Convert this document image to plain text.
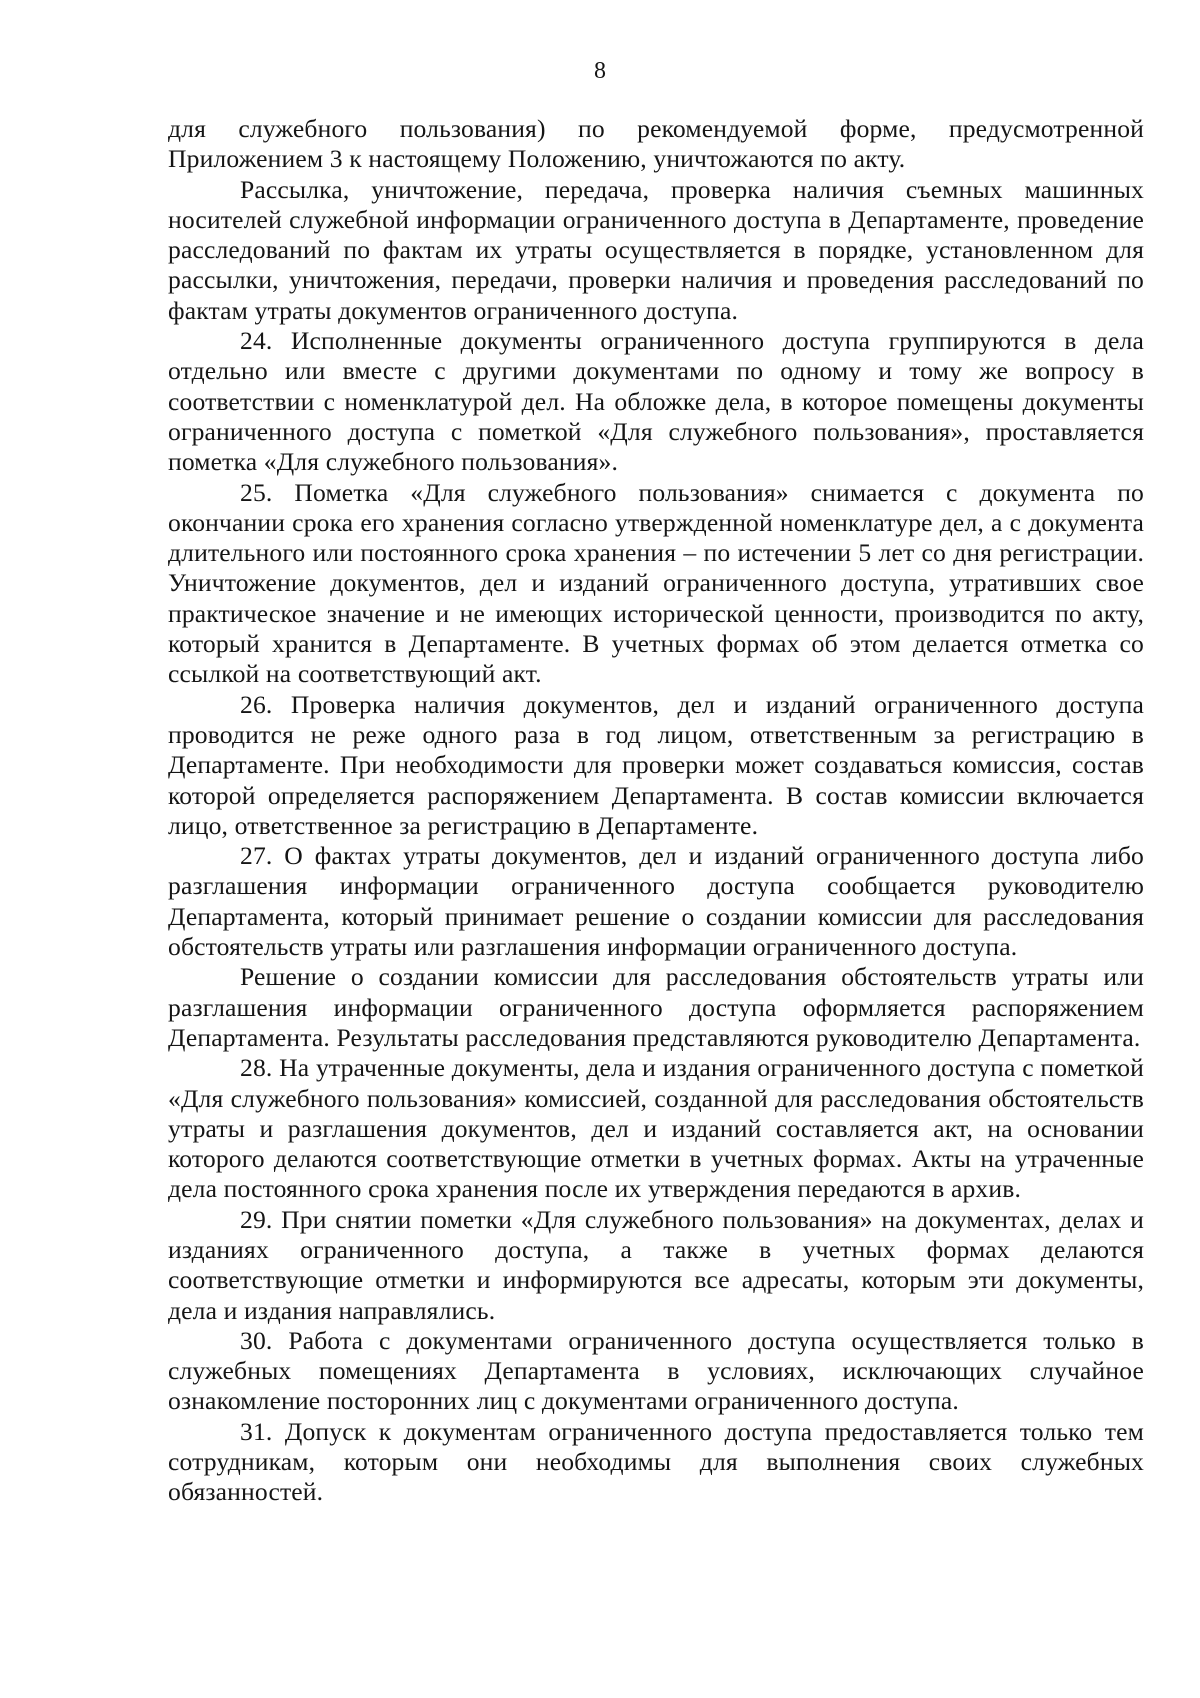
8

для служебного пользования) по рекомендуемой форме, предусмотренной Приложением 3 к настоящему Положению, уничтожаются по акту.

Рассылка, уничтожение, передача, проверка наличия съемных машинных носителей служебной информации ограниченного доступа в Департаменте, проведение расследований по фактам их утраты осуществляется в порядке, установленном для рассылки, уничтожения, передачи, проверки наличия и проведения расследований по фактам утраты документов ограниченного доступа.

24. Исполненные документы ограниченного доступа группируются в дела отдельно или вместе с другими документами по одному и тому же вопросу в соответствии с номенклатурой дел. На обложке дела, в которое помещены документы ограниченного доступа с пометкой «Для служебного пользования», проставляется пометка «Для служебного пользования».

25. Пометка «Для служебного пользования» снимается с документа по окончании срока его хранения согласно утвержденной номенклатуре дел, а с документа длительного или постоянного срока хранения – по истечении 5 лет со дня регистрации. Уничтожение документов, дел и изданий ограниченного доступа, утративших свое практическое значение и не имеющих исторической ценности, производится по акту, который хранится в Департаменте. В учетных формах об этом делается отметка со ссылкой на соответствующий акт.

26. Проверка наличия документов, дел и изданий ограниченного доступа проводится не реже одного раза в год лицом, ответственным за регистрацию в Департаменте. При необходимости для проверки может создаваться комиссия, состав которой определяется распоряжением Департамента. В состав комиссии включается лицо, ответственное за регистрацию в Департаменте.

27. О фактах утраты документов, дел и изданий ограниченного доступа либо разглашения информации ограниченного доступа сообщается руководителю Департамента, который принимает решение о создании комиссии для расследования обстоятельств утраты или разглашения информации ограниченного доступа.

Решение о создании комиссии для расследования обстоятельств утраты или разглашения информации ограниченного доступа оформляется распоряжением Департамента. Результаты расследования представляются руководителю Департамента.

28. На утраченные документы, дела и издания ограниченного доступа с пометкой «Для служебного пользования» комиссией, созданной для расследования обстоятельств утраты и разглашения документов, дел и изданий составляется акт, на основании которого делаются соответствующие отметки в учетных формах. Акты на утраченные дела постоянного срока хранения после их утверждения передаются в архив.

29. При снятии пометки «Для служебного пользования» на документах, делах и изданиях ограниченного доступа, а также в учетных формах делаются соответствующие отметки и информируются все адресаты, которым эти документы, дела и издания направлялись.

30. Работа с документами ограниченного доступа осуществляется только в служебных помещениях Департамента в условиях, исключающих случайное ознакомление посторонних лиц с документами ограниченного доступа.

31. Допуск к документам ограниченного доступа предоставляется только тем сотрудникам, которым они необходимы для выполнения своих служебных обязанностей.
